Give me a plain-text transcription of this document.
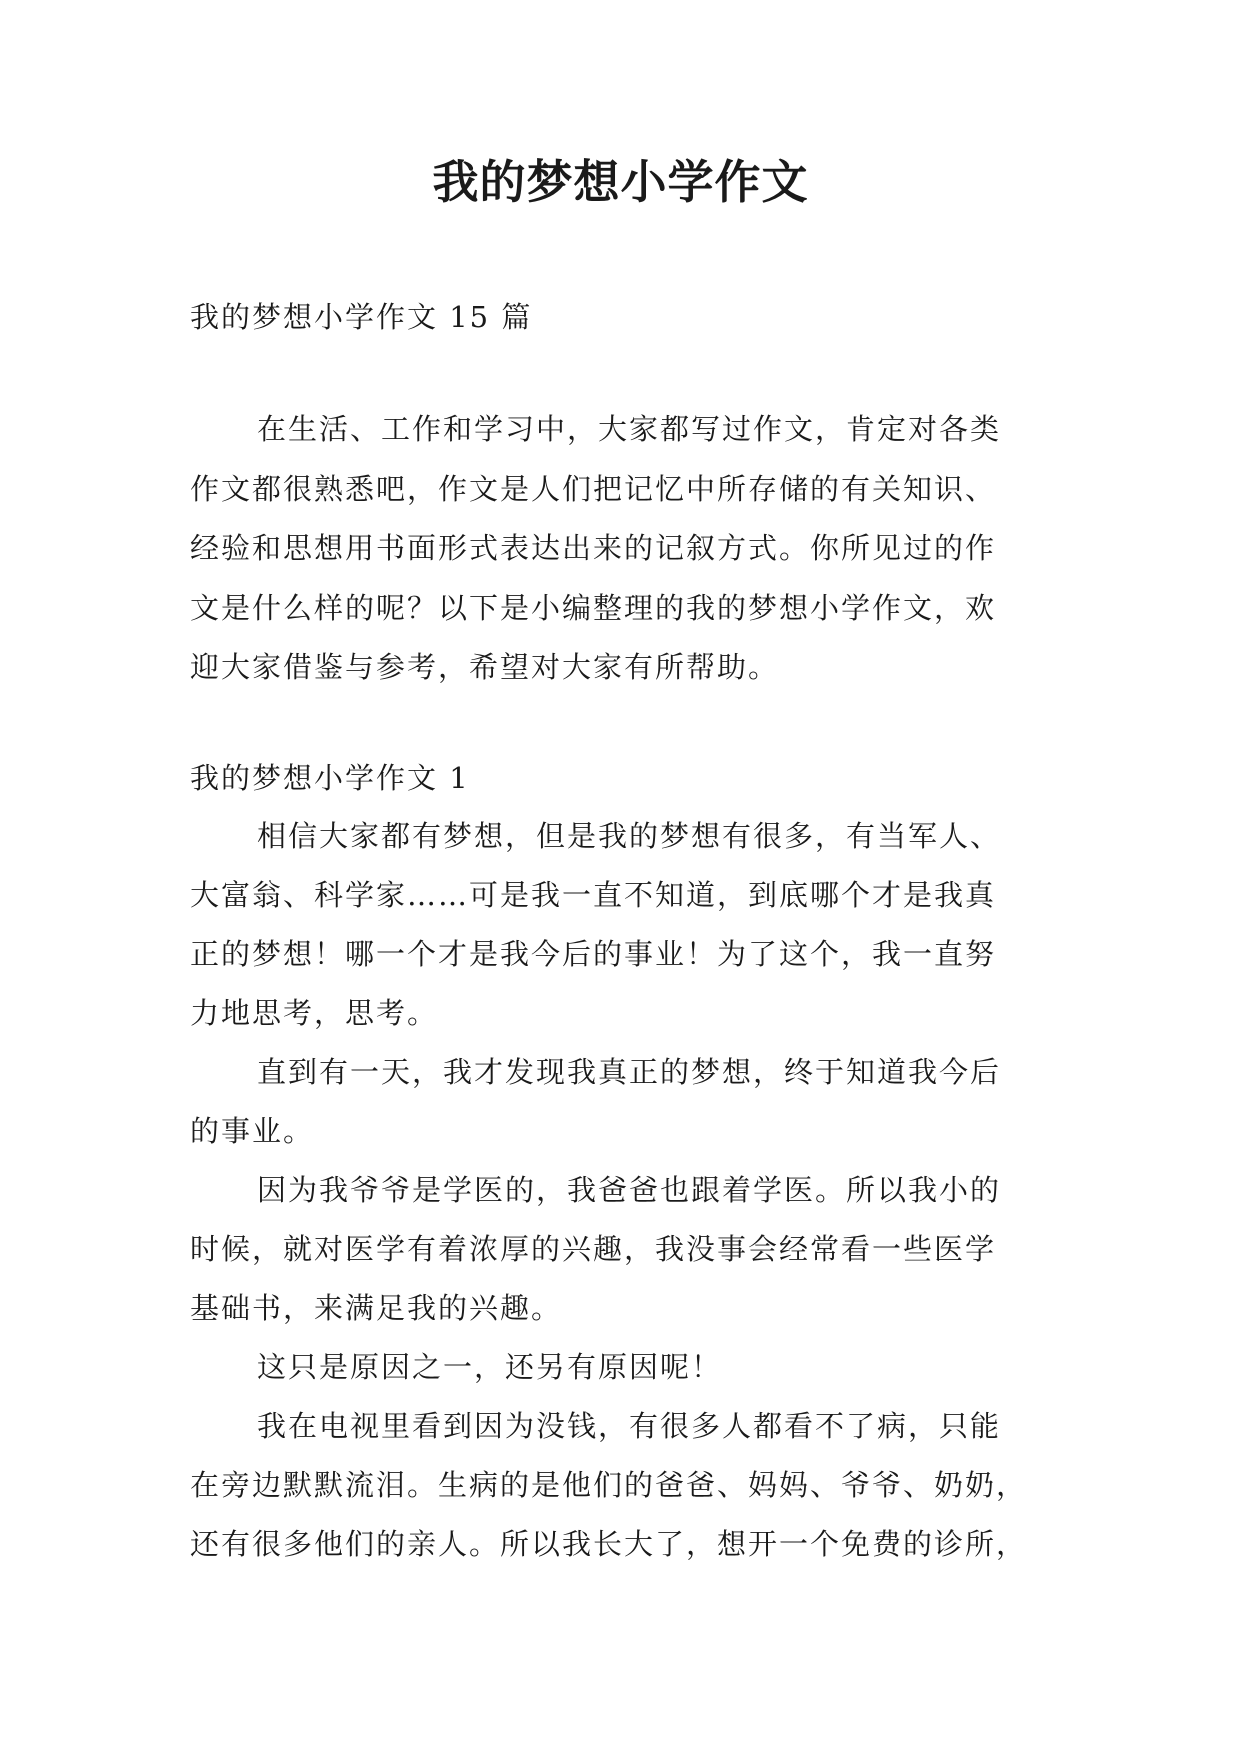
我的梦想小学作文

我的梦想小学作文 15 篇

在生活、工作和学习中，大家都写过作文，肯定对各类

作文都很熟悉吧，作文是人们把记忆中所存储的有关知识、

经验和思想用书面形式表达出来的记叙方式。你所见过的作

文是什么样的呢？以下是小编整理的我的梦想小学作文，欢

迎大家借鉴与参考，希望对大家有所帮助。

我的梦想小学作文 1

相信大家都有梦想，但是我的梦想有很多，有当军人、

大富翁、科学家……可是我一直不知道，到底哪个才是我真

正的梦想！哪一个才是我今后的事业！为了这个，我一直努

力地思考，思考。

直到有一天，我才发现我真正的梦想，终于知道我今后

的事业。

因为我爷爷是学医的，我爸爸也跟着学医。所以我小的

时候，就对医学有着浓厚的兴趣，我没事会经常看一些医学

基础书，来满足我的兴趣。

这只是原因之一，还另有原因呢！

我在电视里看到因为没钱，有很多人都看不了病，只能

在旁边默默流泪。生病的是他们的爸爸、妈妈、爷爷、奶奶，

还有很多他们的亲人。所以我长大了，想开一个免费的诊所，
